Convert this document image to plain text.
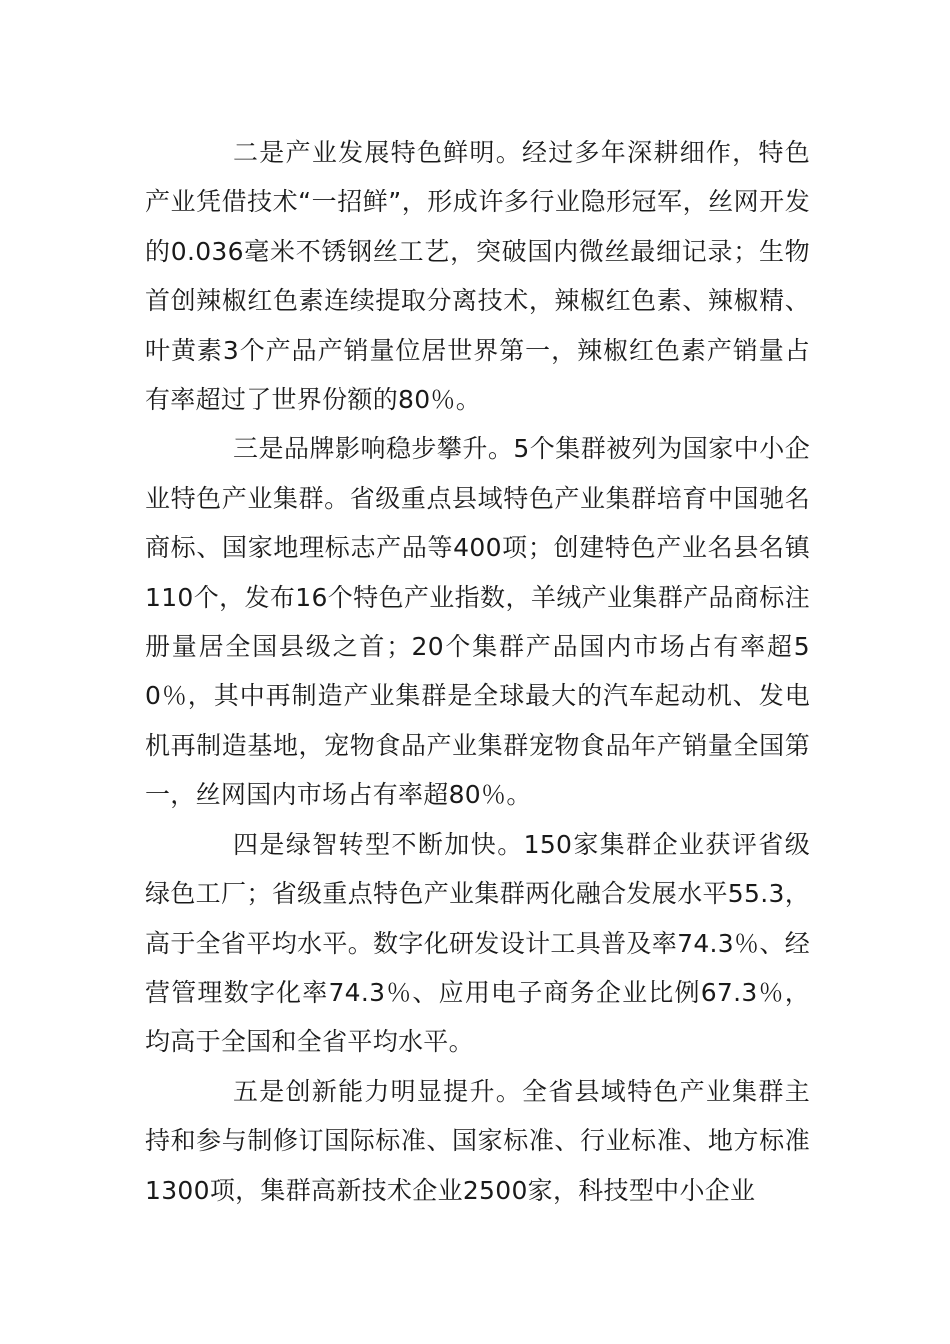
二是产业发展特色鲜明。经过多年深耕细作，特色产业凭借技术“一招鲜”，形成许多行业隐形冠军，丝网开发的0.036毫米不锈钢丝工艺，突破国内微丝最细记录；生物首创辣椒红色素连续提取分离技术，辣椒红色素、辣椒精、叶黄素3个产品产销量位居世界第一，辣椒红色素产销量占有率超过了世界份额的80％。

三是品牌影响稳步攀升。5个集群被列为国家中小企业特色产业集群。省级重点县域特色产业集群培育中国驰名商标、国家地理标志产品等400项；创建特色产业名县名镇110个，发布16个特色产业指数，羊绒产业集群产品商标注册量居全国县级之首；20个集群产品国内市场占有率超50％，其中再制造产业集群是全球最大的汽车起动机、发电机再制造基地，宠物食品产业集群宠物食品年产销量全国第一，丝网国内市场占有率超80％。

四是绿智转型不断加快。150家集群企业获评省级绿色工厂；省级重点特色产业集群两化融合发展水平55.3，高于全省平均水平。数字化研发设计工具普及率74.3％、经营管理数字化率74.3％、应用电子商务企业比例67.3％，均高于全国和全省平均水平。

五是创新能力明显提升。全省县域特色产业集群主持和参与制修订国际标准、国家标准、行业标准、地方标准1300项，集群高新技术企业2500家，科技型中小企业
